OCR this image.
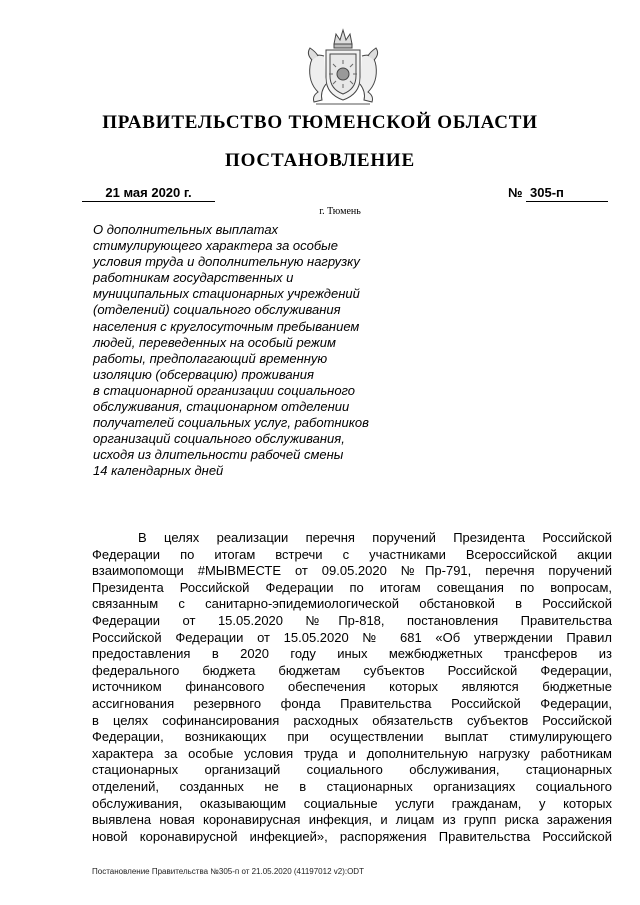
ПРАВИТЕЛЬСТВО ТЮМЕНСКОЙ ОБЛАСТИ
ПОСТАНОВЛЕНИЕ
21 мая 2020 г.	№ 305-п
г. Тюмень
О дополнительных выплатах
стимулирующего характера за особые
условия труда и дополнительную нагрузку
работникам государственных и
муниципальных стационарных учреждений
(отделений) социального обслуживания
населения с круглосуточным пребыванием
людей, переведенных на особый режим
работы, предполагающий временную
изоляцию (обсервацию) проживания
в стационарной организации социального
обслуживания, стационарном отделении
получателей социальных услуг, работников
организаций социального обслуживания,
исходя из длительности рабочей смены
14 календарных дней
В целях реализации перечня поручений Президента Российской
Федерации по итогам встречи с участниками Всероссийской акции
взаимопомощи #МЫВМЕСТЕ от 09.05.2020 №Пр-791, перечня поручений
Президента Российской Федерации по итогам совещания по вопросам,
связанным с санитарно-эпидемиологической обстановкой в Российской
Федерации от 15.05.2020 №Пр-818, постановления Правительства
Российской Федерации от 15.05.2020 № 681 «Об утверждении Правил
предоставления в 2020 году иных межбюджетных трансферов из
федерального бюджета бюджетам субъектов Российской Федерации,
источником финансового обеспечения которых являются бюджетные
ассигнования резервного фонда Правительства Российской Федерации,
в целях софинансирования расходных обязательств субъектов Российской
Федерации, возникающих при осуществлении выплат стимулирующего
характера за особые условия труда и дополнительную нагрузку работникам
стационарных организаций социального обслуживания, стационарных
отделений, созданных не в стационарных организациях социального
обслуживания, оказывающим социальные услуги гражданам, у которых
выявлена новая коронавирусная инфекция, и лицам из групп риска заражения
новой коронавирусной инфекцией», распоряжения Правительства Российской
Постановление Правительства №305-п от 21.05.2020 (41197012 v2):ODT
